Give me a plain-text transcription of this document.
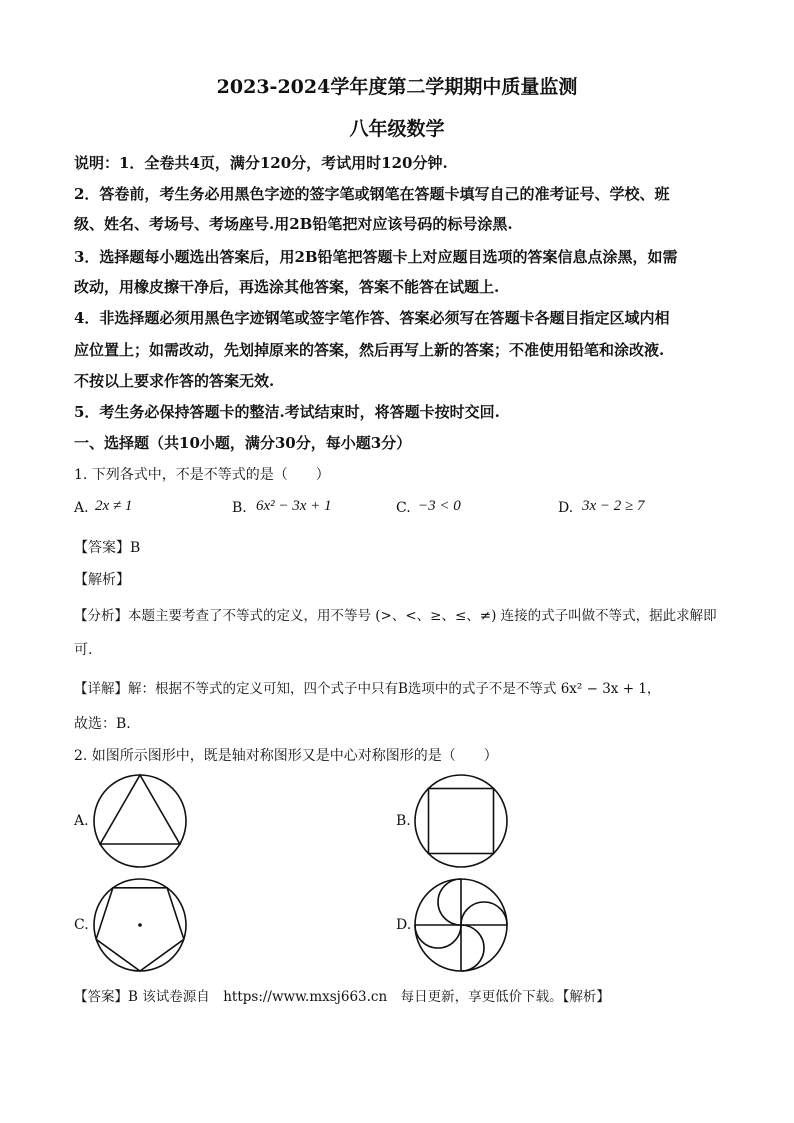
2023-2024学年度第二学期期中质量监测
八年级数学
说明：1．全卷共4页，满分120分，考试用时120分钟.
2．答卷前，考生务必用黑色字迹的签字笔或钢笔在答题卡填写自己的准考证号、学校、班
级、姓名、考场号、考场座号.用2B铅笔把对应该号码的标号涂黑.
3．选择题每小题选出答案后，用2B铅笔把答题卡上对应题目选项的答案信息点涂黑，如需
改动，用橡皮擦干净后，再选涂其他答案，答案不能答在试题上.
4．非选择题必须用黑色字迹钢笔或签字笔作答、答案必须写在答题卡各题目指定区域内相
应位置上；如需改动，先划掉原来的答案，然后再写上新的答案；不准使用铅笔和涂改液.
不按以上要求作答的答案无效.
5．考生务必保持答题卡的整洁.考试结束时，将答题卡按时交回.
一、选择题（共10小题，满分30分，每小题3分）
1. 下列各式中，不是不等式的是（　　）
A. 2x ≠ 1	B. 6x² − 3x + 1	C. −3 < 0	D. 3x − 2 ≥ 7
【答案】B
【解析】
【分析】本题主要考查了不等式的定义，用不等号 (>、<、≥、≤、≠) 连接的式子叫做不等式，据此求解即
可.
【详解】解：根据不等式的定义可知，四个式子中只有B选项中的式子不是不等式 6x² − 3x + 1，
故选：B.
2. 如图所示图形中，既是轴对称图形又是中心对称图形的是（　　）
A.	B.
C.	D.
【答案】B 该试卷源自　https://www.mxsj663.cn　每日更新，享更低价下载。【解析】
